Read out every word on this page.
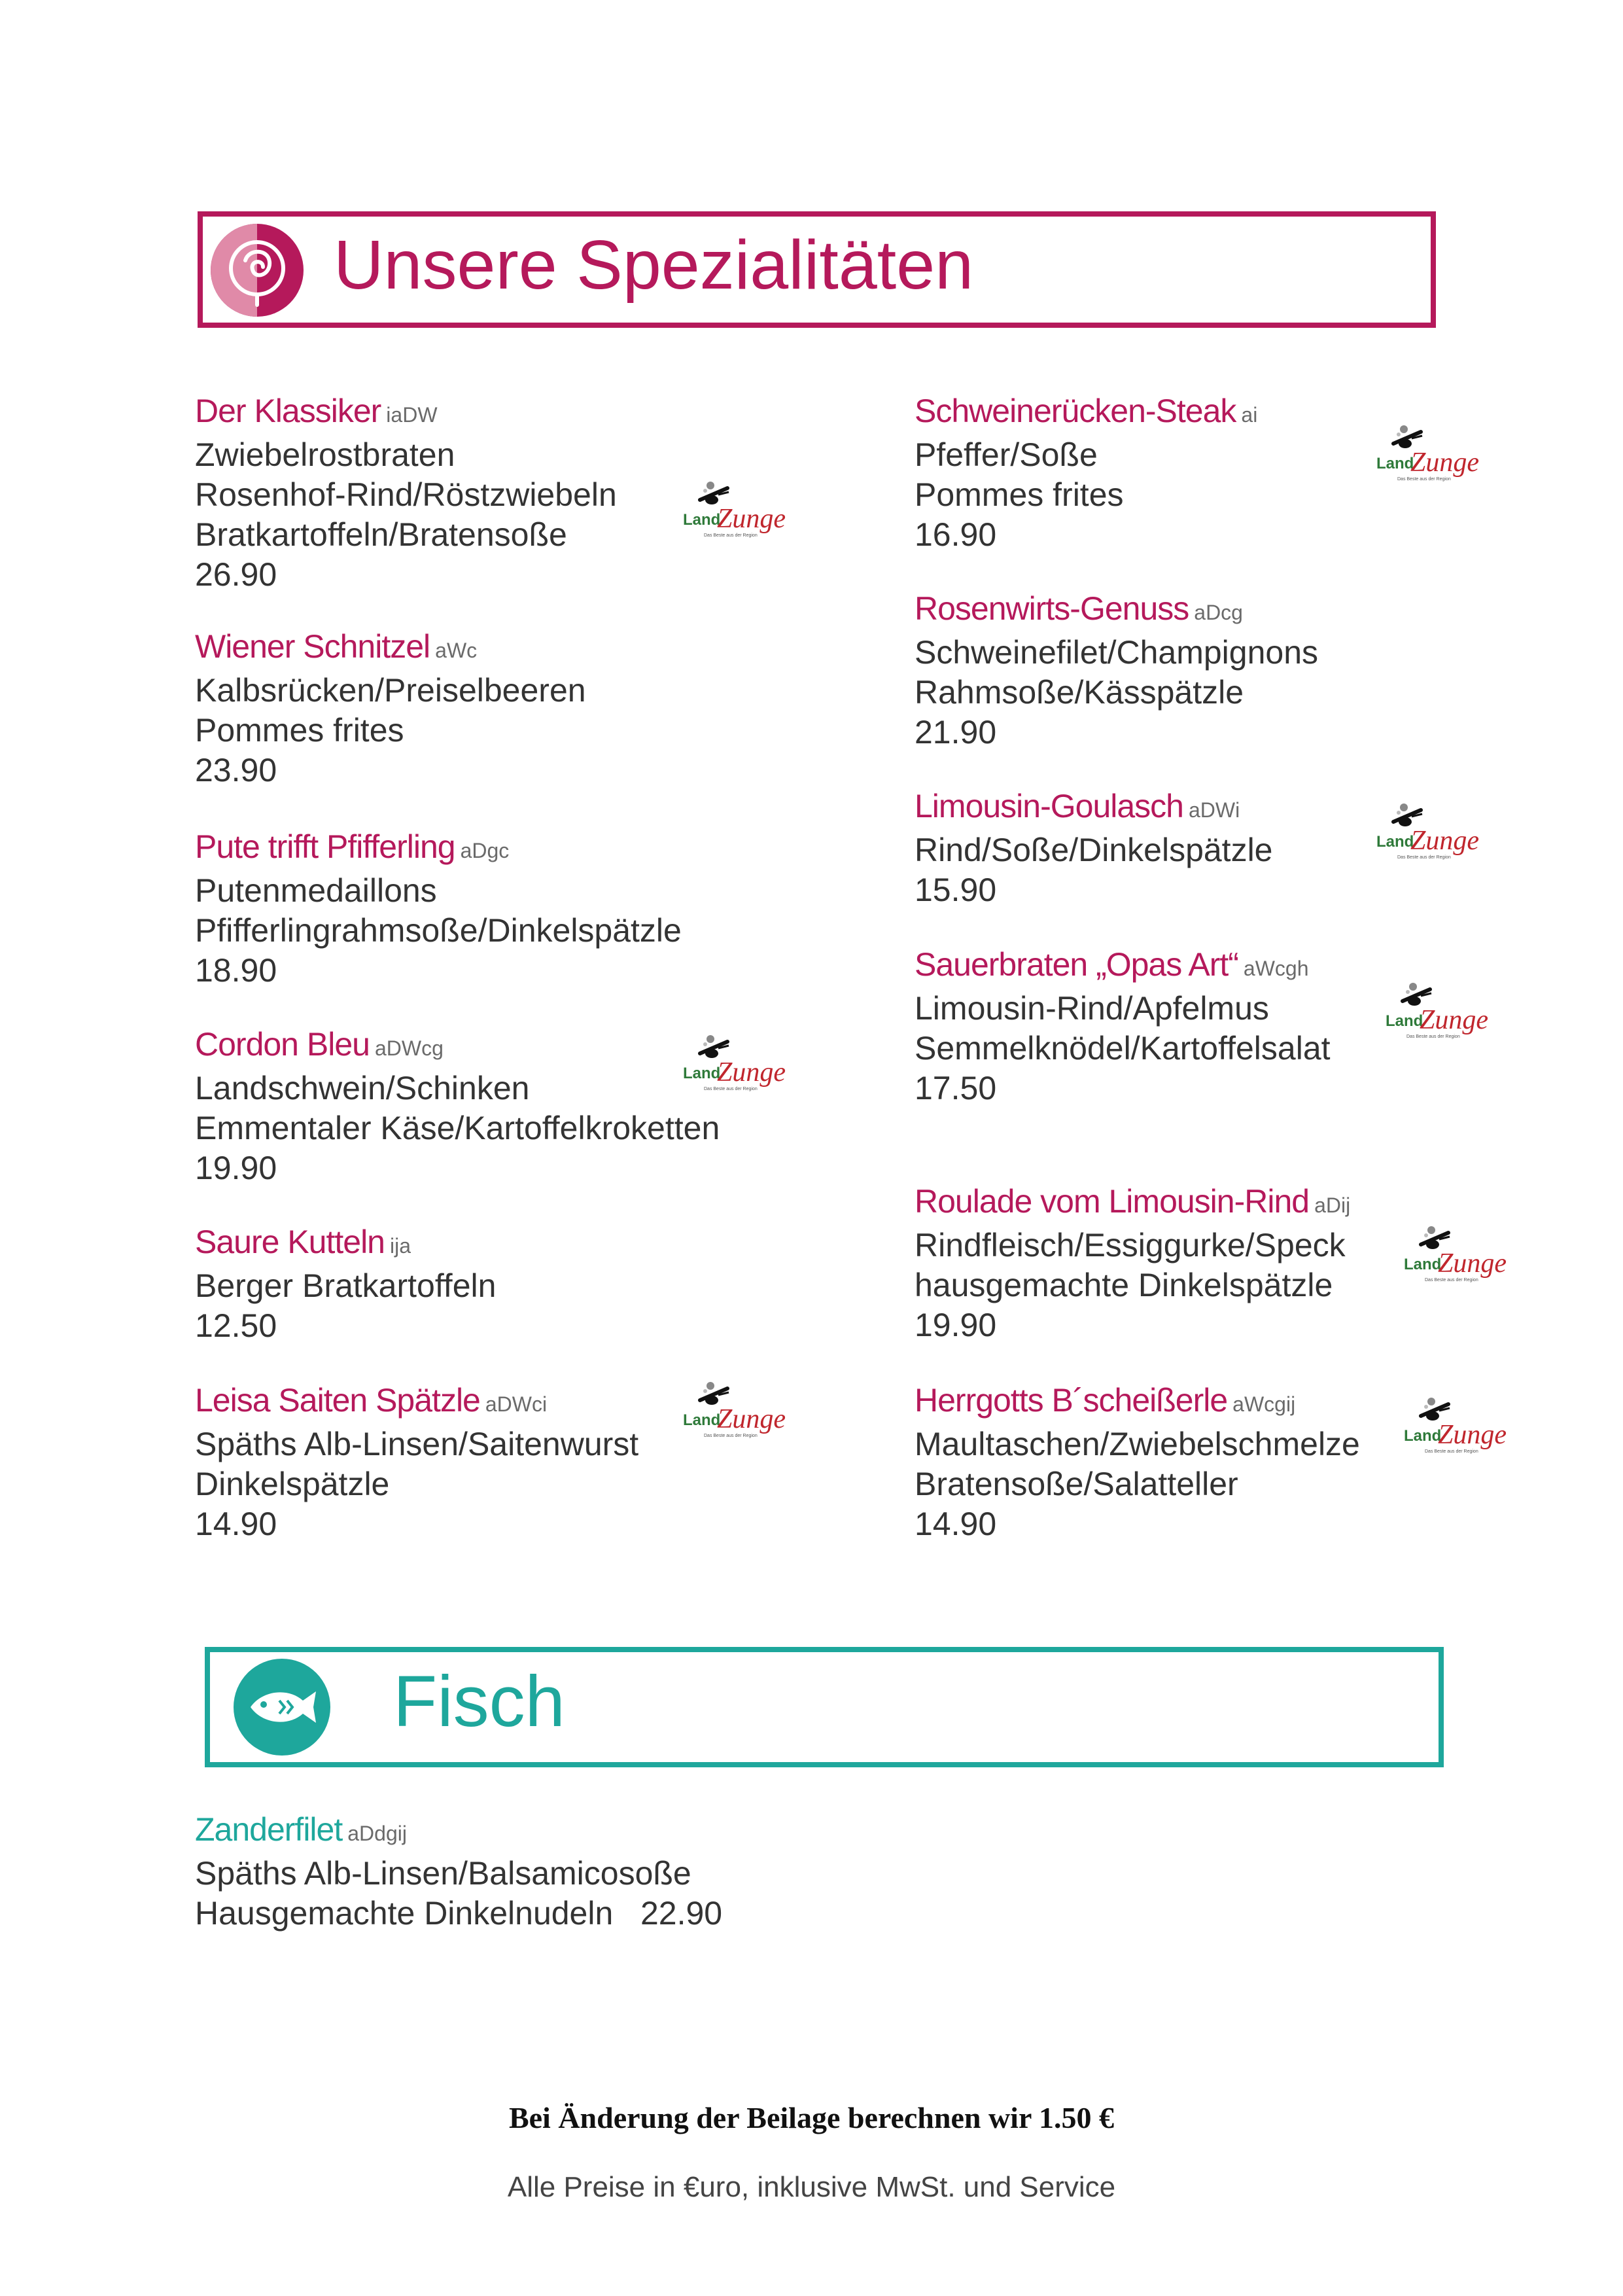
Unsere Spezialitäten
Der Klassiker iaDW
Zwiebelrostbraten
Rosenhof-Rind/Röstzwiebeln
Bratkartoffeln/Bratensoße
26.90
Wiener Schnitzel aWc
Kalbsrücken/Preiselbeeren
Pommes frites
23.90
Pute trifft Pfifferling aDgc
Putenmedaillons
Pfifferlingrahmsoße/Dinkelspätzle
18.90
Cordon Bleu aDWcg
Landschwein/Schinken
Emmentaler Käse/Kartoffelkroketten
19.90
Saure Kutteln ija
Berger Bratkartoffeln
12.50
Leisa Saiten Spätzle aDWci
Späths Alb-Linsen/Saitenwurst
Dinkelspätzle
14.90
Schweinerücken-Steak ai
Pfeffer/Soße
Pommes frites
16.90
Rosenwirts-Genuss aDcg
Schweinefilet/Champignons
Rahmsoße/Kässpätzle
21.90
Limousin-Goulasch aDWi
Rind/Soße/Dinkelspätzle
15.90
Sauerbraten „Opas Art“ aWcgh
Limousin-Rind/Apfelmus
Semmelknödel/Kartoffelsalat
17.50
Roulade vom Limousin-Rind aDij
Rindfleisch/Essiggurke/Speck
hausgemachte Dinkelspätzle
19.90
Herrgotts B´scheißerle aWcgij
Maultaschen/Zwiebelschmelze
Bratensoße/Salatteller
14.90
Land
Zunge
Das Beste aus der Region
Land
Zunge
Das Beste aus der Region
Land
Zunge
Das Beste aus der Region
Land
Zunge
Das Beste aus der Region
Land
Zunge
Das Beste aus der Region
Land
Zunge
Das Beste aus der Region
Land
Zunge
Das Beste aus der Region
Land
Zunge
Das Beste aus der Region
Fisch
Zanderfilet aDdgij
Späths Alb-Linsen/Balsamicosoße
Hausgemachte Dinkelnudeln   22.90
Bei Änderung der Beilage berechnen wir 1.50 €
Alle Preise in €uro, inklusive MwSt. und Service
